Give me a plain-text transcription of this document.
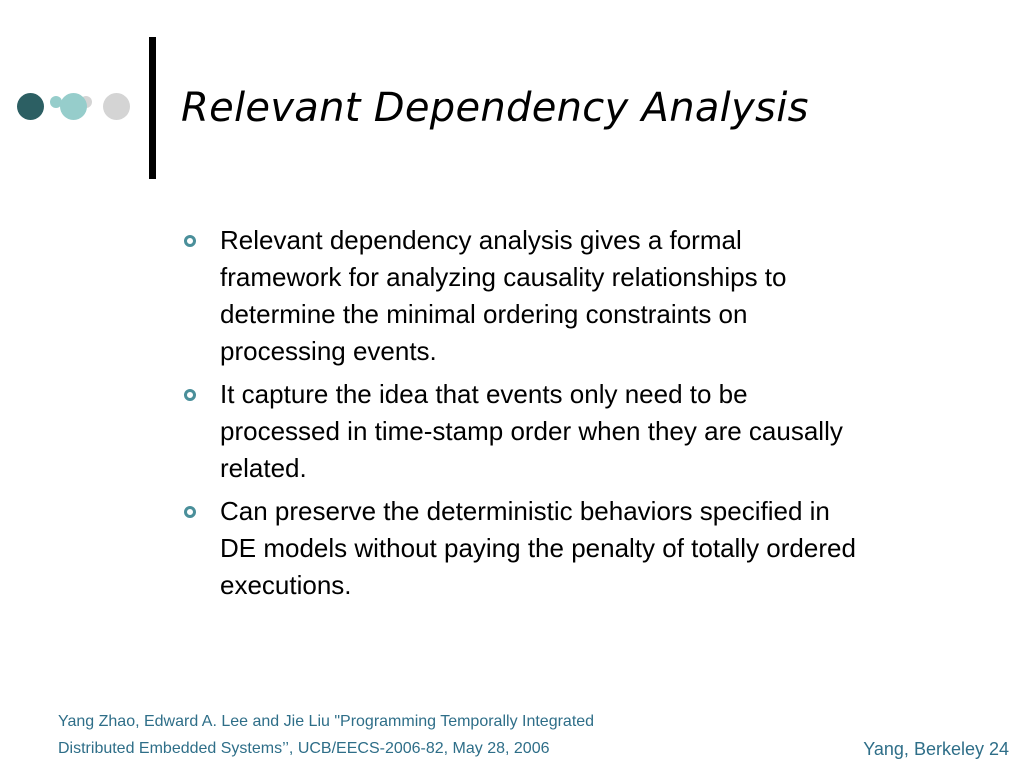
Relevant Dependency Analysis
Relevant dependency analysis gives a formal
framework for analyzing causality relationships to
determine the minimal ordering constraints on
processing events.
It capture the idea that events only need to be
processed in time-stamp order when they are causally
related.
Can preserve the deterministic behaviors specified in
DE models without paying the penalty of totally ordered
executions.
Yang Zhao, Edward A. Lee and Jie Liu "Programming Temporally Integrated
Distributed Embedded Systems’’, UCB/EECS-2006-82, May 28, 2006	Yang, Berkeley 24
